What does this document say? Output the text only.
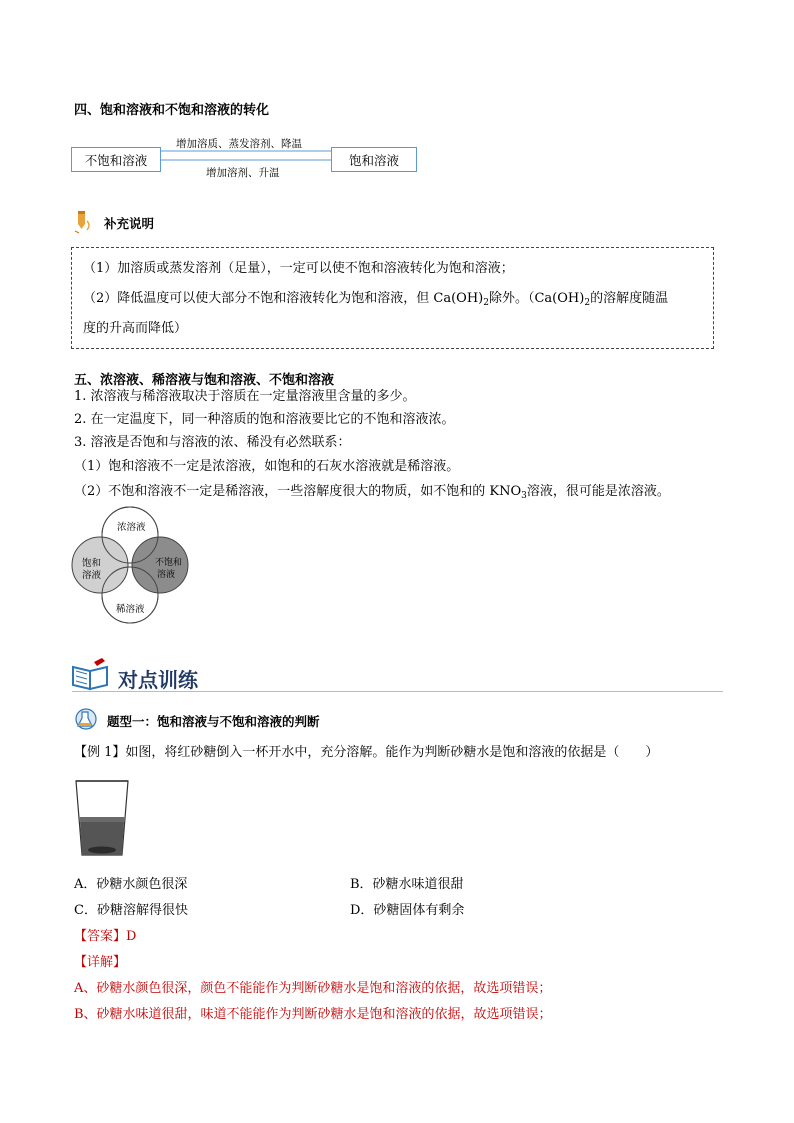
四、饱和溶液和不饱和溶液的转化
不饱和溶液	饱和溶液
增加溶质、蒸发溶剂、降温
增加溶剂、升温
补充说明
（1）加溶质或蒸发溶剂（足量），一定可以使不饱和溶液转化为饱和溶液；
（2）降低温度可以使大部分不饱和溶液转化为饱和溶液，但 $Ca(OH)_2$除外。（$Ca(OH)_2$的溶解度随温
度的升高而降低）
五、浓溶液、稀溶液与饱和溶液、不饱和溶液
1. 浓溶液与稀溶液取决于溶质在一定量溶液里含量的多少。
2. 在一定温度下，同一种溶质的饱和溶液要比它的不饱和溶液浓。
3. 溶液是否饱和与溶液的浓、稀没有必然联系：
（1）饱和溶液不一定是浓溶液，如饱和的石灰水溶液就是稀溶液。
（2）不饱和溶液不一定是稀溶液，一些溶解度很大的物质，如不饱和的 $KNO_3$溶液，很可能是浓溶液。
浓溶液
饱和
溶液
不饱和
溶液
稀溶液
对点训练
题型一：饱和溶液与不饱和溶液的判断
【例 1】如图，将红砂糖倒入一杯开水中，充分溶解。能作为判断砂糖水是饱和溶液的依据是（　　）
A．砂糖水颜色很深	B．砂糖水味道很甜
C．砂糖溶解得很快	D．砂糖固体有剩余
【答案】D
【详解】
A、砂糖水颜色很深，颜色不能能作为判断砂糖水是饱和溶液的依据，故选项错误；
B、砂糖水味道很甜，味道不能能作为判断砂糖水是饱和溶液的依据，故选项错误；
